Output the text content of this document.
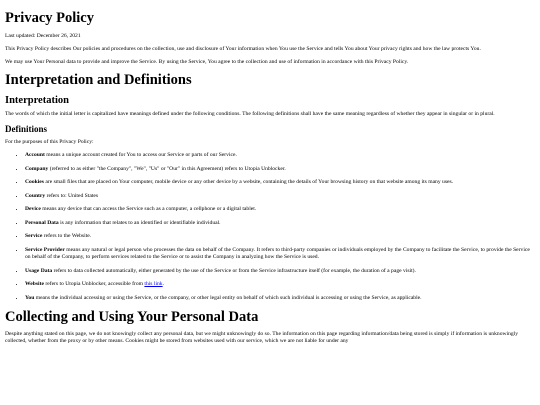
Privacy Policy

Last updated: December 26, 2021

This Privacy Policy describes Our policies and procedures on the collection, use and disclosure of Your information when You use the Service and tells You about Your privacy rights and how the law protects You.

We may use Your Personal data to provide and improve the Service. By using the Service, You agree to the collection and use of information in accordance with this Privacy Policy.

Interpretation and Definitions
Interpretation

The words of which the initial letter is capitalized have meanings defined under the following conditions. The following definitions shall have the same meaning regardless of whether they appear in singular or in plural.

Definitions

For the purposes of this Privacy Policy:

• Account means a unique account created for You to access our Service or parts of our Service.
• Company (referred to as either "the Company", "We", "Us" or "Our" in this Agreement) refers to Utopia Unblocker.
• Cookies are small files that are placed on Your computer, mobile device or any other device by a website, containing the details of Your browsing history on that website among its many uses.
• Country refers to: United States
• Device means any device that can access the Service such as a computer, a cellphone or a digital tablet.
• Personal Data is any information that relates to an identified or identifiable individual.
• Service refers to the Website.
• Service Provider means any natural or legal person who processes the data on behalf of the Company. It refers to third-party companies or individuals employed by the Company to facilitate the Service, to provide the Service on behalf of the Company, to perform services related to the Service or to assist the Company in analyzing how the Service is used.
• Usage Data refers to data collected automatically, either generated by the use of the Service or from the Service infrastructure itself (for example, the duration of a page visit).
• Website refers to Utopia Unblocker, accessible from this link.
• You means the individual accessing or using the Service, or the company, or other legal entity on behalf of which such individual is accessing or using the Service, as applicable.
Collecting and Using Your Personal Data

Despite anything stated on this page, we do not knowingly collect any personal data, but we might unknowingly do so. The information on this page regarding information/data being stored is simply if information is unknowingly collected, whether from the proxy or by other means. Cookies might be stored from websites used with our service, which we are not liable for under any
